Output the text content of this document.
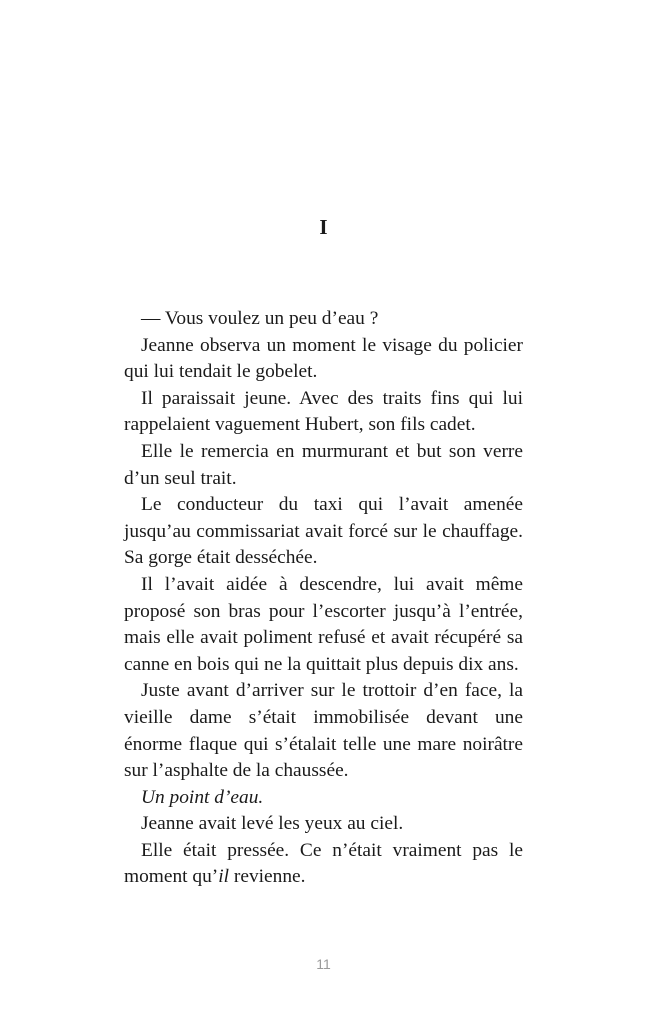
I

— Vous voulez un peu d’eau ?

Jeanne observa un moment le visage du policier qui lui tendait le gobelet.

Il paraissait jeune. Avec des traits fins qui lui rappelaient vaguement Hubert, son fils cadet.

Elle le remercia en murmurant et but son verre d’un seul trait.

Le conducteur du taxi qui l’avait amenée jusqu’au commissariat avait forcé sur le chauffage. Sa gorge était desséchée.

Il l’avait aidée à descendre, lui avait même proposé son bras pour l’escorter jusqu’à l’entrée, mais elle avait poliment refusé et avait récupéré sa canne en bois qui ne la quittait plus depuis dix ans.

Juste avant d’arriver sur le trottoir d’en face, la vieille dame s’était immobilisée devant une énorme flaque qui s’étalait telle une mare noirâtre sur l’asphalte de la chaussée.

Un point d’eau.

Jeanne avait levé les yeux au ciel.

Elle était pressée. Ce n’était vraiment pas le moment qu’il revienne.

11
